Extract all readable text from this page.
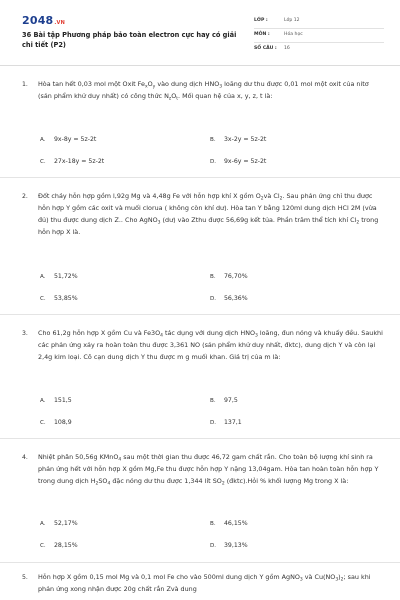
2048.VN
36 Bài tập Phương pháp bảo toàn electron cực hay có giải chi tiết (P2)
LỚP :	Lớp 12
MÔN :	Hóa học
SỐ CÂU : 16
1. Hòa tan hết 0,03 mol một Oxit $Fe_xO_y$ vào dung dịch $HNO_3$ loãng dư thu được 0,01 mol một oxit của nitơ (sản phẩm khử duy nhất) có công thức $N_zO_t$. Mối quan hệ của x, y, z, t là:
A. 9x-8y = 5z-2t	B. 3x-2y = 5z-2t
C. 27x-18y = 5z-2t	D. 9x-6y = 5z-2t
2. Đốt cháy hỗn hợp gồm l,92g Mg và 4,48g Fe với hỗn hợp khí X gồm $O_2và$ $Cl_2$. Sau phản ứng chỉ thu được hỗn hợp Y gồm các oxit và muối clorua ( không còn khí dư). Hòa tan Y bằng 120ml dung dịch HCl 2M (vừa đủ) thu được dung dịch Z.. Cho AgNO$_3$ (dư) vào Zthu được 56,69g kết tủa. Phần trăm thể tích khí $Cl_2$ trong hỗn hợp X là.
A. 51,72%	B. 76,70%
C. 53,85%	D. 56,36%
3. Cho 61,2g hỗn hợp X gồm Cu và $Fe3O_4$ tác dụng với dung dịch $HNO_3$ loãng, đun nóng và khuấy đều. Saukhi các phản ứng xảy ra hoàn toàn thu được 3,361 NO (sản phẩm khử duy nhất, đktc), dung dịch Y và còn lại 2,4g kim loại. Cô cạn dung dịch Y thu được m g muối khan. Giá trị của m là:
A. 151,5	B. 97,5
C. 108,9	D. 137,1
4. Nhiệt phân 50,56g KMnO$_4$ sau một thời gian thu được 46,72 gam chất rắn. Cho toàn bộ lượng khí sinh ra phản ứng hết với hỗn hợp X gồm Mg,Fe thu được hỗn hợp Y nặng 13,04gam. Hòa tan hoàn toàn hỗn hợp Y trong dung dịch $H_2SO_4$ đặc nóng dư thu được 1,344 lít $SO_2$ (đktc).Hỏi % khối lượng Mg trong X là:
A. 52,17%	B. 46,15%
C. 28,15%	D. 39,13%
5. Hỗn hợp X gồm 0,15 mol Mg và 0,1 mol Fe cho vào 500ml dung dịch Y gồm AgNO$_3$ và $Cu(NO_3)_2$; sau khi phản ứng xong nhận được 20g chất rắn Zvà dung
